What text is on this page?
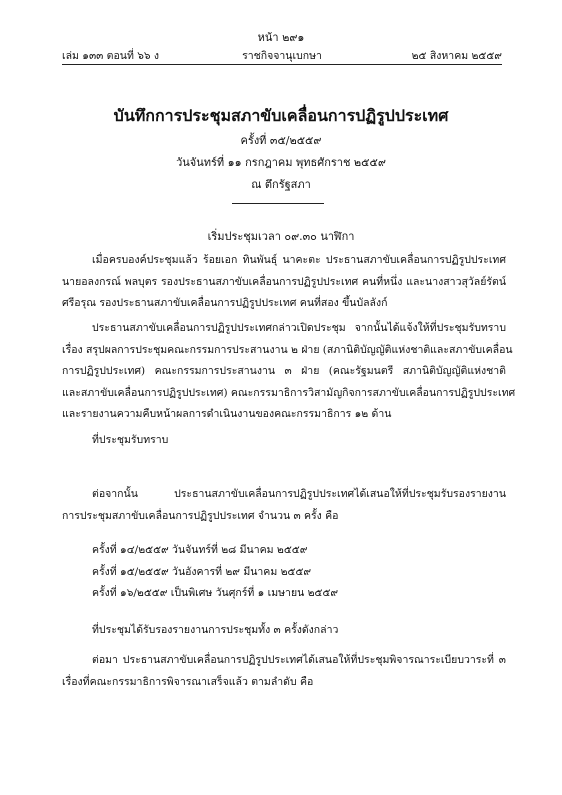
หน้า ๒๙๑
เล่ม ๑๓๓ ตอนที่ ๖๖ ง	ราชกิจจานุเบกษา	๒๕ สิงหาคม ๒๕๕๙
บันทึกการประชุมสภาขับเคลื่อนการปฏิรูปประเทศ
ครั้งที่ ๓๕/๒๕๕๙
วันจันทร์ที่ ๑๑ กรกฎาคม พุทธศักราช ๒๕๕๙
ณ ตึกรัฐสภา
เริ่มประชุมเวลา ๐๙.๓๐ นาฬิกา
เมื่อครบองค์ประชุมแล้ว ร้อยเอก ทินพันธุ์ นาคะตะ ประธานสภาขับเคลื่อนการปฏิรูปประเทศ
นายอลงกรณ์ พลบุตร รองประธานสภาขับเคลื่อนการปฏิรูปประเทศ คนที่หนึ่ง และนางสาวสุวัลย์รัตน์
ศรีอรุณ รองประธานสภาขับเคลื่อนการปฏิรูปประเทศ คนที่สอง ขึ้นบัลลังก์
ประธานสภาขับเคลื่อนการปฏิรูปประเทศกล่าวเปิดประชุม จากนั้นได้แจ้งให้ที่ประชุมรับทราบ
เรื่อง สรุปผลการประชุมคณะกรรมการประสานงาน ๒ ฝ่าย (สภานิติบัญญัติแห่งชาติและสภาขับเคลื่อน
การปฏิรูปประเทศ) คณะกรรมการประสานงาน ๓ ฝ่าย (คณะรัฐมนตรี สภานิติบัญญัติแห่งชาติ
และสภาขับเคลื่อนการปฏิรูปประเทศ) คณะกรรมาธิการวิสามัญกิจการสภาขับเคลื่อนการปฏิรูปประเทศ
และรายงานความคืบหน้าผลการดำเนินงานของคณะกรรมาธิการ ๑๒ ด้าน
ที่ประชุมรับทราบ
ต่อจากนั้น ประธานสภาขับเคลื่อนการปฏิรูปประเทศได้เสนอให้ที่ประชุมรับรองรายงาน
การประชุมสภาขับเคลื่อนการปฏิรูปประเทศ จำนวน ๓ ครั้ง คือ
ครั้งที่ ๑๔/๒๕๕๙ วันจันทร์ที่ ๒๘ มีนาคม ๒๕๕๙
ครั้งที่ ๑๕/๒๕๕๙ วันอังคารที่ ๒๙ มีนาคม ๒๕๕๙
ครั้งที่ ๑๖/๒๕๕๙ เป็นพิเศษ วันศุกร์ที่ ๑ เมษายน ๒๕๕๙
ที่ประชุมได้รับรองรายงานการประชุมทั้ง ๓ ครั้งดังกล่าว
ต่อมา ประธานสภาขับเคลื่อนการปฏิรูปประเทศได้เสนอให้ที่ประชุมพิจารณาระเบียบวาระที่ ๓
เรื่องที่คณะกรรมาธิการพิจารณาเสร็จแล้ว ตามลำดับ คือ
